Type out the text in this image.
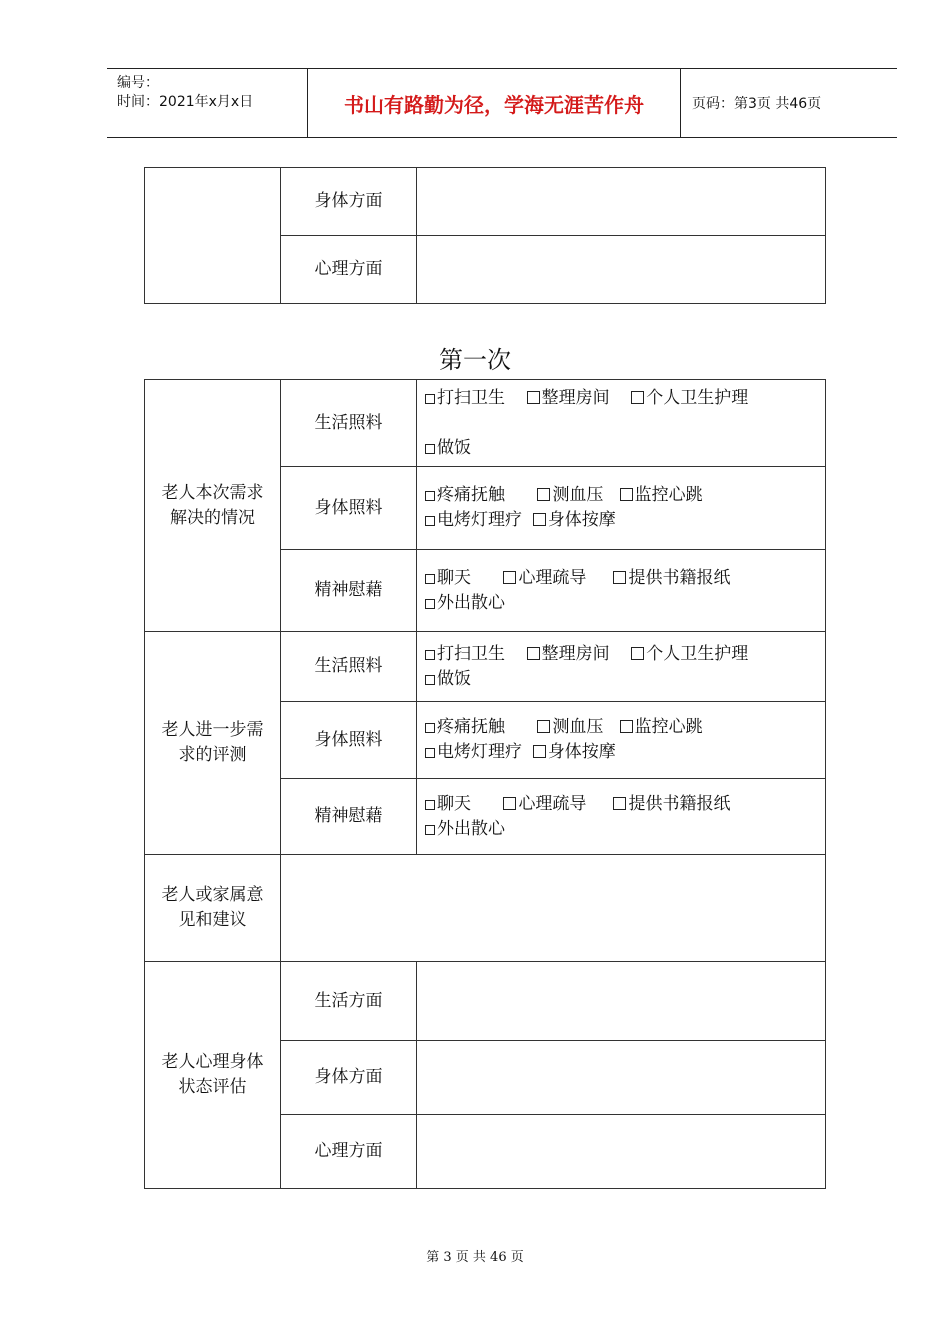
编号：
时间：2021年x月x日	书山有路勤为径，学海无涯苦作舟	页码：第3页 共46页
	身体方面	
	心理方面	
第一次
老人本次需求解决的情况	生活照料	打扫卫生 整理房间 个人卫生护理
做饭

	身体照料	疼痛抚触 测血压 监控心跳
电烤灯理疗 身体按摩

	精神慰藉	聊天 心理疏导 提供书籍报纸
外出散心

老人进一步需求的评测	生活照料	打扫卫生 整理房间 个人卫生护理
做饭

	身体照料	疼痛抚触 测血压 监控心跳
电烤灯理疗 身体按摩

	精神慰藉	聊天 心理疏导 提供书籍报纸
外出散心

老人或家属意见和建议		
老人心理身体状态评估	生活方面	
	身体方面	
	心理方面	
第 3 页 共 46 页
